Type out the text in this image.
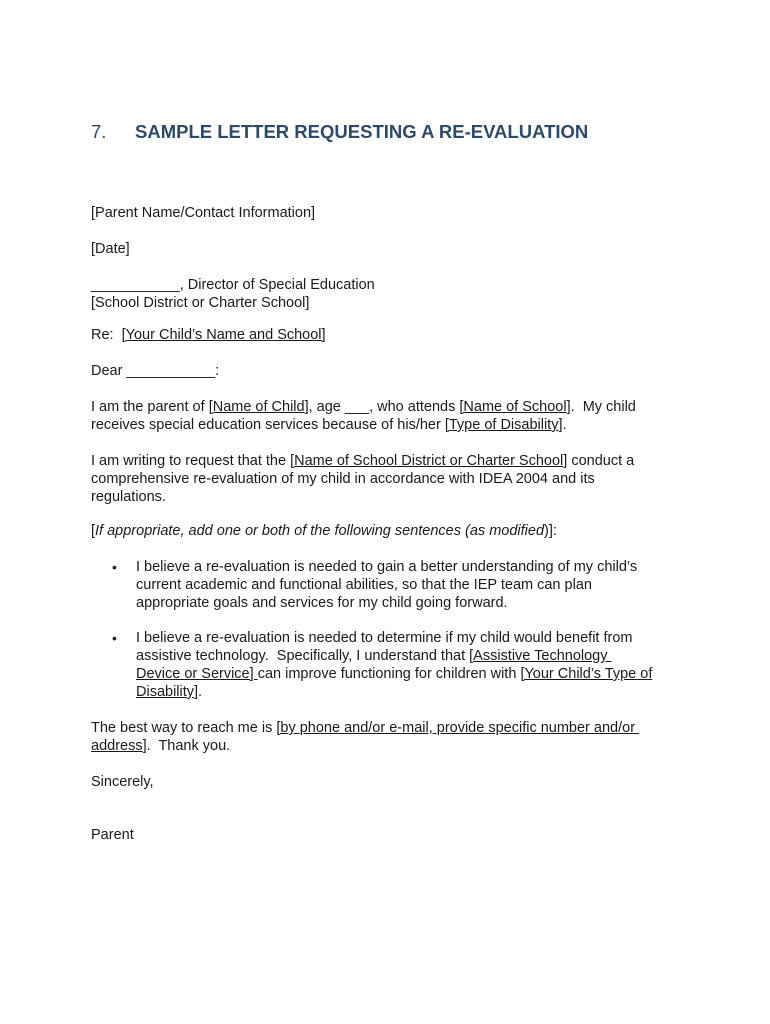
7. SAMPLE LETTER REQUESTING A RE-EVALUATION
[Parent Name/Contact Information]
[Date]
___________, Director of Special Education
[School District or Charter School]
Re:  [Your Child’s Name and School]
Dear ___________:
I am the parent of [Name of Child], age ___, who attends [Name of School].  My child
receives special education services because of his/her [Type of Disability].
I am writing to request that the [Name of School District or Charter School] conduct a
comprehensive re-evaluation of my child in accordance with IDEA 2004 and its
regulations.
[If appropriate, add one or both of the following sentences (as modified)]:
• I believe a re-evaluation is needed to gain a better understanding of my child’s
current academic and functional abilities, so that the IEP team can plan
appropriate goals and services for my child going forward.
• I believe a re-evaluation is needed to determine if my child would benefit from
assistive technology.  Specifically, I understand that [Assistive Technology
Device or Service] can improve functioning for children with [Your Child’s Type of
Disability].
The best way to reach me is [by phone and/or e-mail, provide specific number and/or
address].  Thank you.
Sincerely,
Parent
